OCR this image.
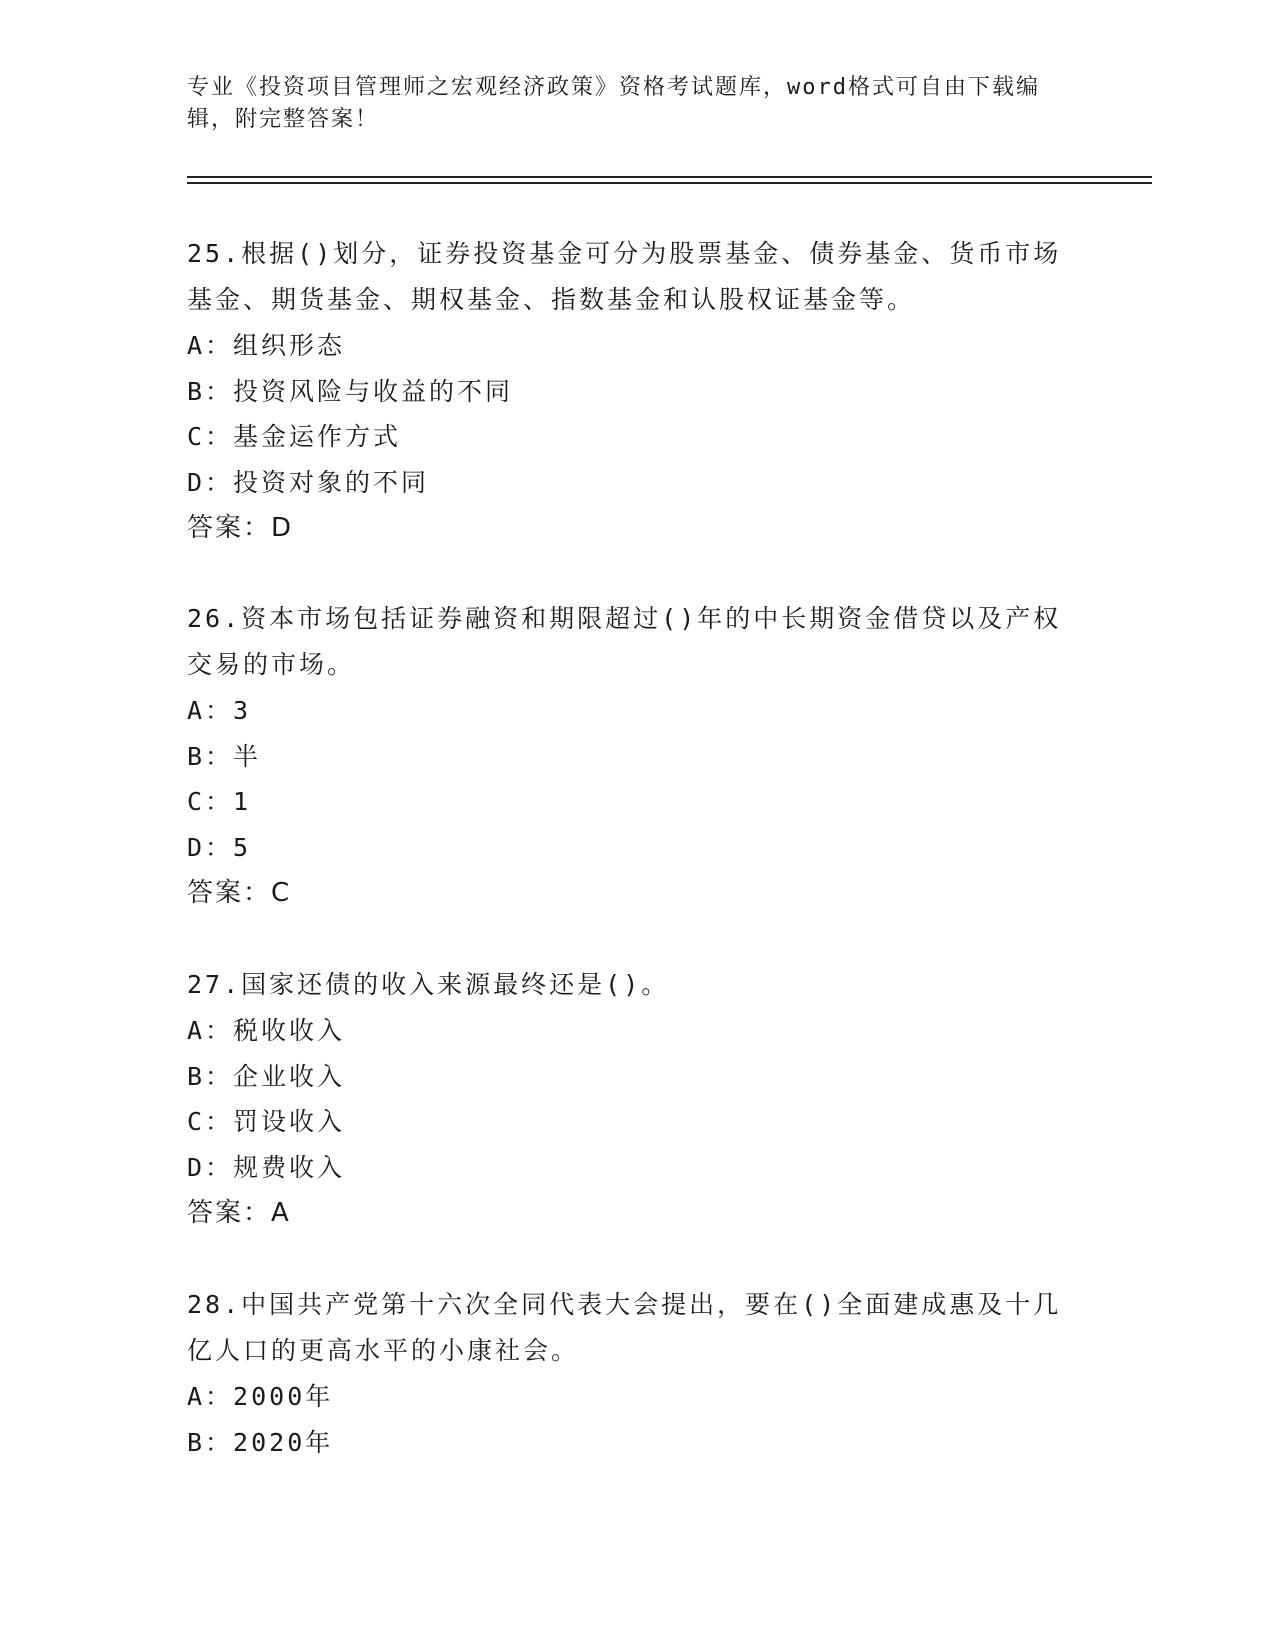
专业《投资项目管理师之宏观经济政策》资格考试题库，word格式可自由下载编辑，附完整答案！

25.根据()划分，证券投资基金可分为股票基金、债券基金、货币市场基金、期货基金、期权基金、指数基金和认股权证基金等。

A：组织形态

B：投资风险与收益的不同

C：基金运作方式

D：投资对象的不同

答案：D

26.资本市场包括证券融资和期限超过()年的中长期资金借贷以及产权交易的市场。

A：3

B：半

C：1

D：5

答案：C

27.国家还债的收入来源最终还是()。

A：税收收入

B：企业收入

C：罚设收入

D：规费收入

答案：A

28.中国共产党第十六次全同代表大会提出，要在()全面建成惠及十几亿人口的更高水平的小康社会。

A：2000年

B：2020年
